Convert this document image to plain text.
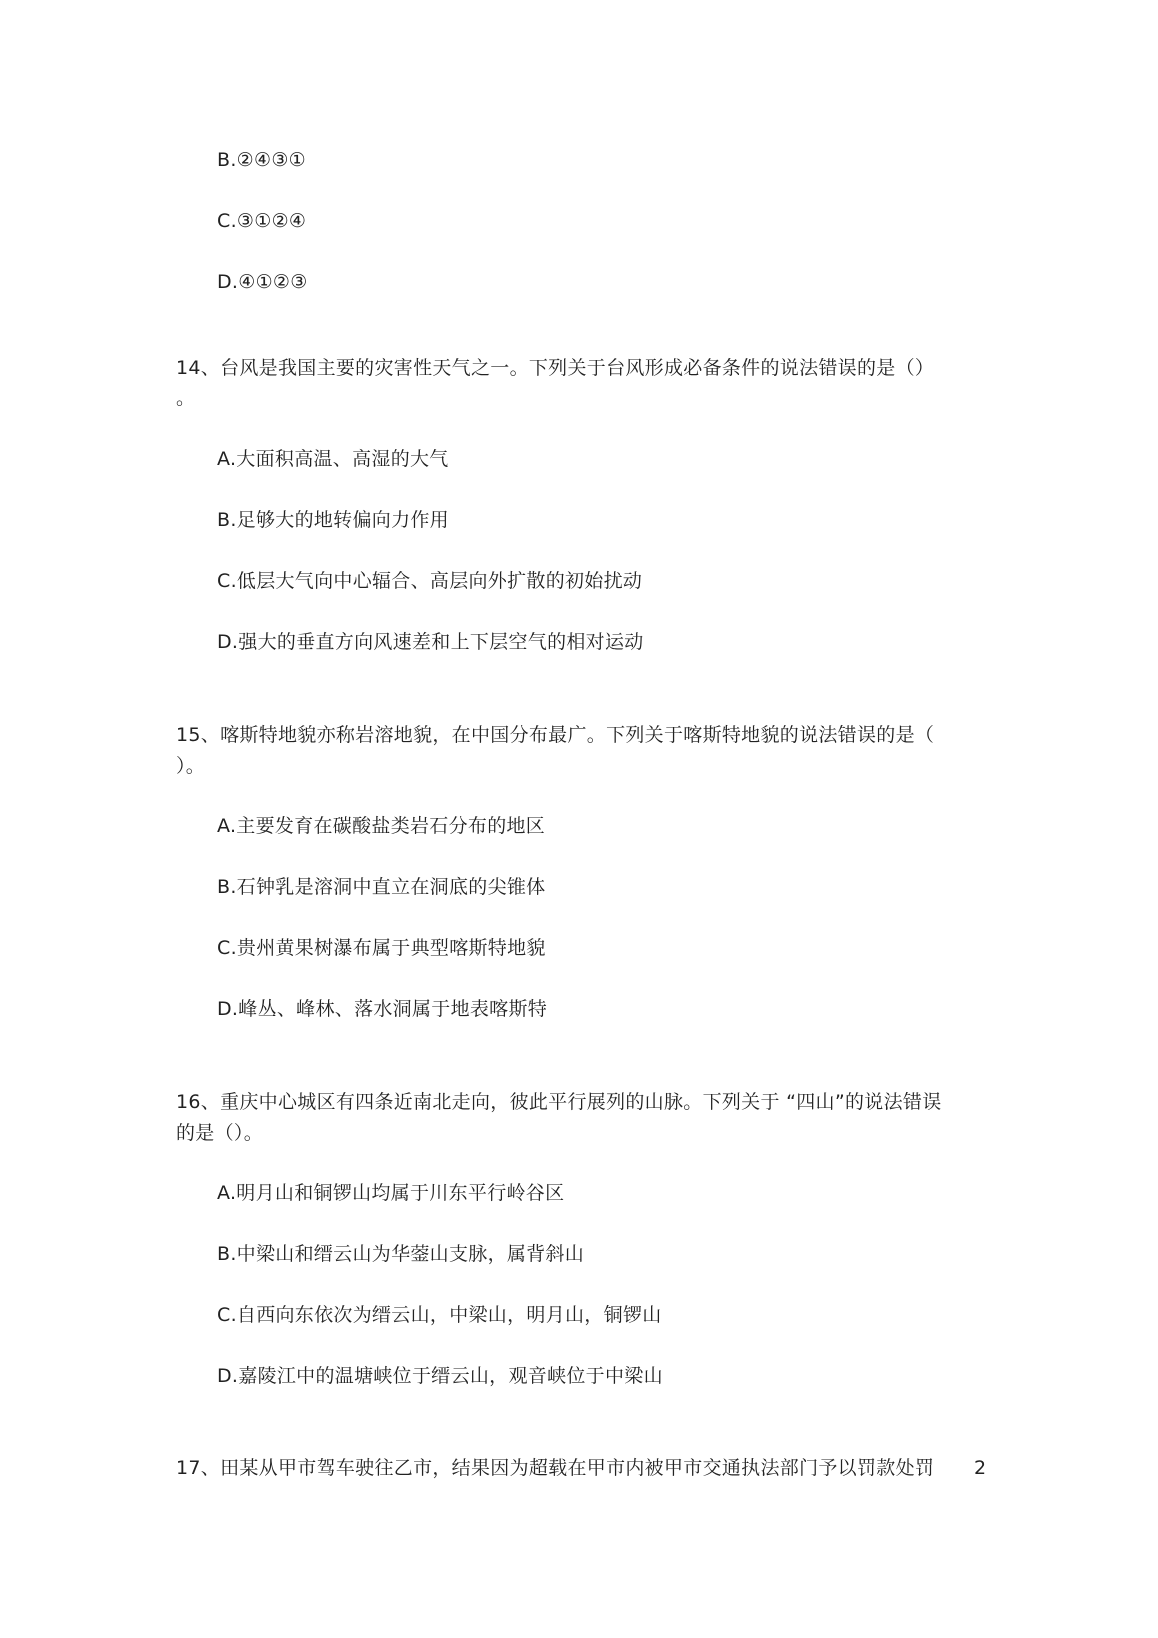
B.②④③①
C.③①②④
D.④①②③
14、台风是我国主要的灾害性天气之一。下列关于台风形成必备条件的说法错误的是（）
。
A.大面积高温、高湿的大气
B.足够大的地转偏向力作用
C.低层大气向中心辐合、高层向外扩散的初始扰动
D.强大的垂直方向风速差和上下层空气的相对运动
15、喀斯特地貌亦称岩溶地貌，在中国分布最广。下列关于喀斯特地貌的说法错误的是（
）。
A.主要发育在碳酸盐类岩石分布的地区
B.石钟乳是溶洞中直立在洞底的尖锥体
C.贵州黄果树瀑布属于典型喀斯特地貌
D.峰丛、峰林、落水洞属于地表喀斯特
16、重庆中心城区有四条近南北走向，彼此平行展列的山脉。下列关于 “四山”的说法错误
的是（）。
A.明月山和铜锣山均属于川东平行岭谷区
B.中梁山和缙云山为华蓥山支脉，属背斜山
C.自西向东依次为缙云山，中梁山，明月山，铜锣山
D.嘉陵江中的温塘峡位于缙云山，观音峡位于中梁山
17、田某从甲市驾车驶往乙市，结果因为超载在甲市内被甲市交通执法部门予以罚款处罚 2
